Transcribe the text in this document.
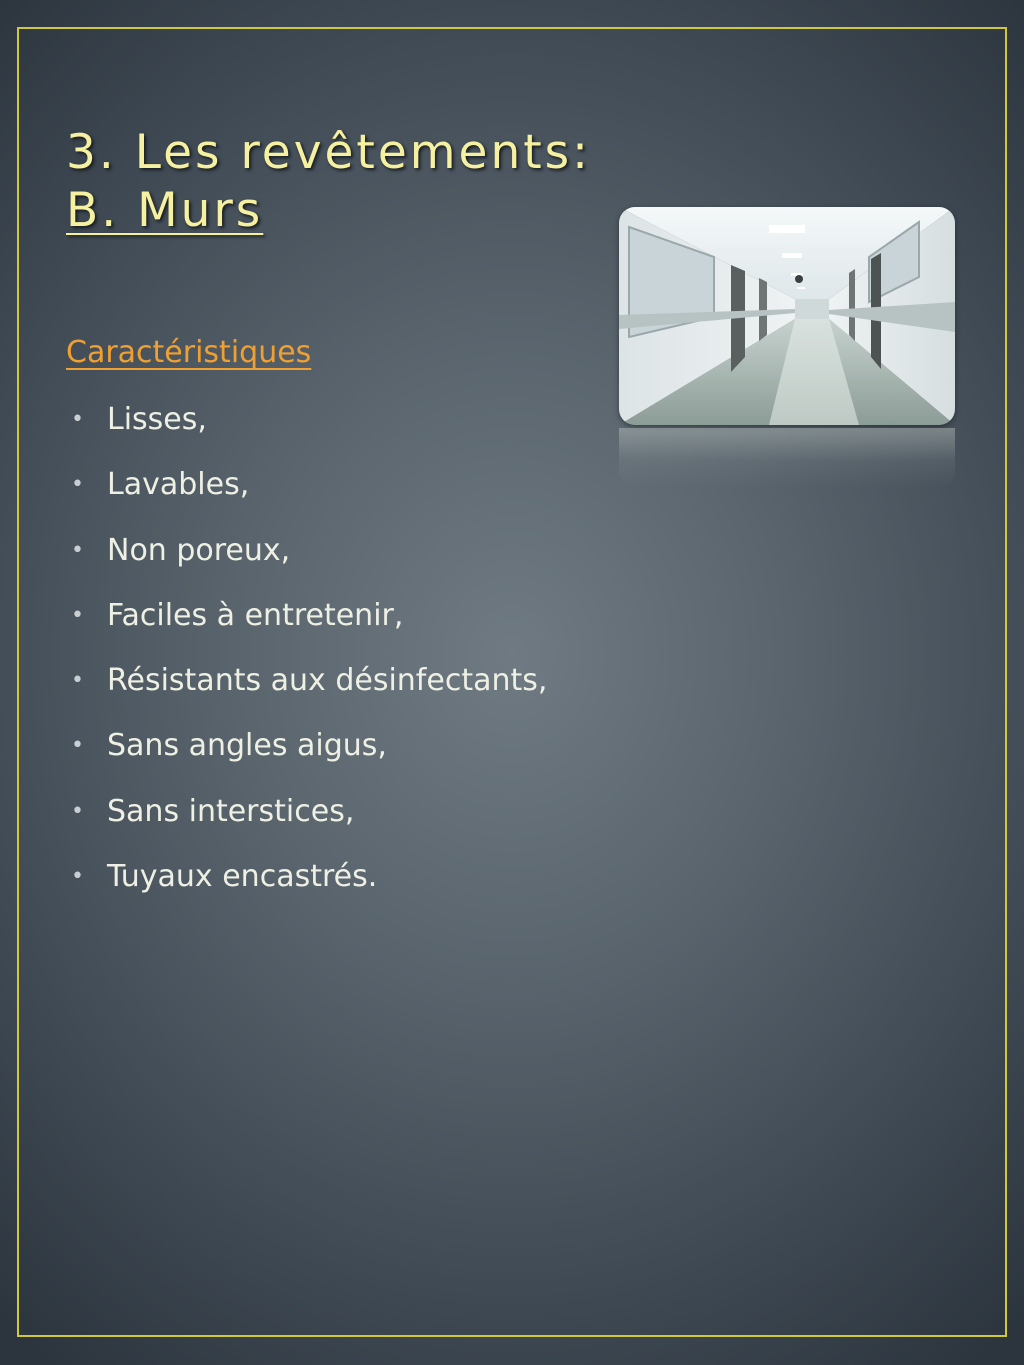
3. Les revêtements:
B. Murs

Caractéristiques

• Lisses,
• Lavables,
• Non poreux,
• Faciles à entretenir,
• Résistants aux désinfectants,
• Sans angles aigus,
• Sans interstices,
• Tuyaux encastrés.
